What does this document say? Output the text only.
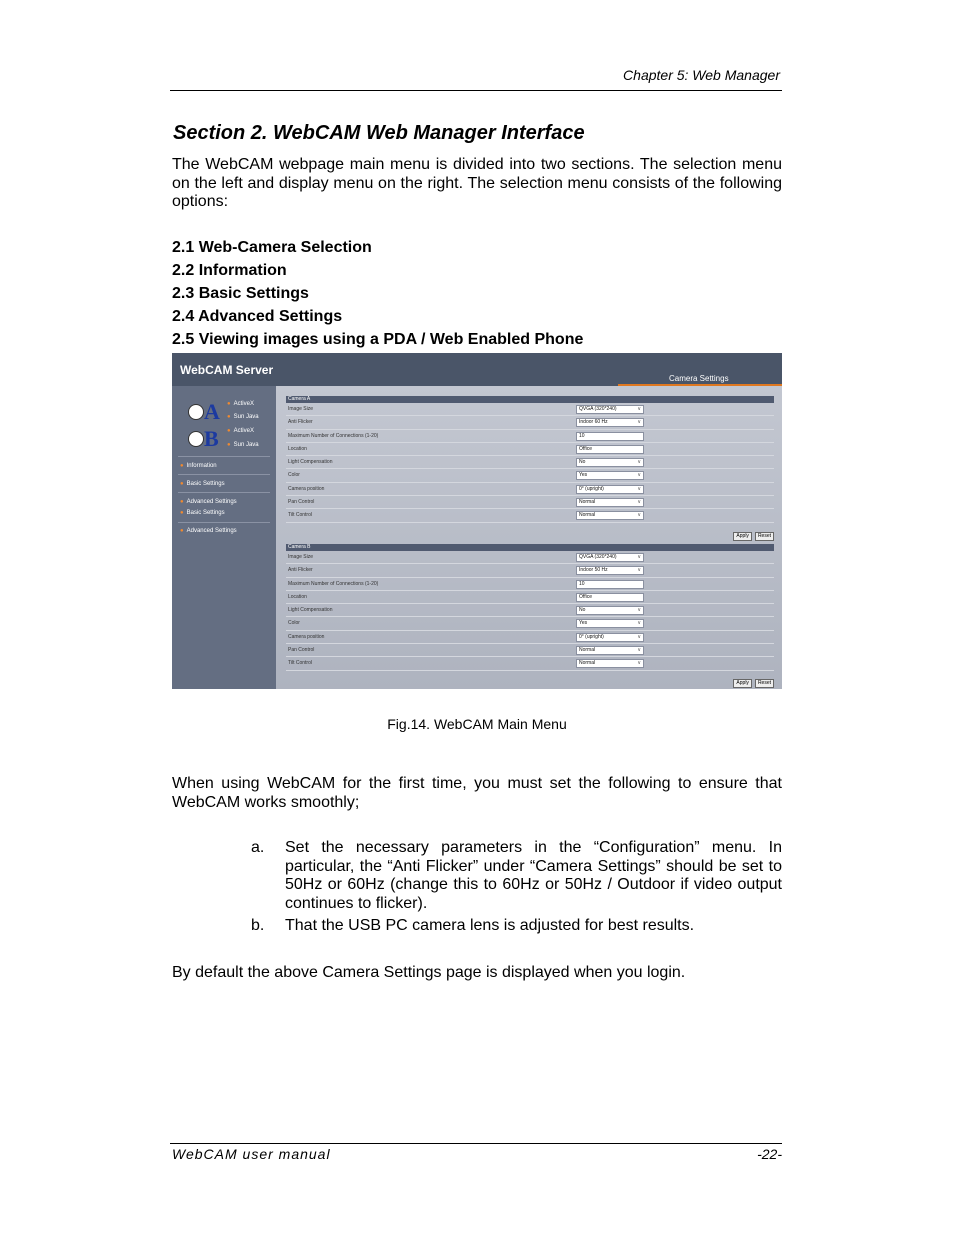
Chapter 5: Web Manager
Section 2. WebCAM Web Manager Interface
The WebCAM webpage main menu is divided into two sections. The selection menu on the left and display menu on the right. The selection menu consists of the following options:
2.1 Web-Camera Selection
2.2 Information
2.3 Basic Settings
2.4 Advanced Settings
2.5 Viewing images using a PDA / Web Enabled Phone
WebCAM Server
Camera Settings
A ● ActiveX
● Sun Java
B ● ActiveX
● Sun Java
● Information
● Basic Settings
● Advanced Settings
● Basic Settings
● Advanced Settings
Camera A
Image Size	QVGA (320*240) ∨
Anti Flicker	Indoor 60 Hz ∨
Maximum Number of Connections (1-20)	10
Location	Office
Light Compensation	No ∨
Color	Yes ∨
Camera position	0° (upright) ∨
Pan Control	Normal ∨
Tilt Control	Normal ∨
Apply Reset
Camera B
Image Size	QVGA (320*240) ∨
Anti Flicker	Indoor 50 Hz ∨
Maximum Number of Connections (1-20)	10
Location	Office
Light Compensation	No ∨
Color	Yes ∨
Camera position	0° (upright) ∨
Pan Control	Normal ∨
Tilt Control	Normal ∨
Apply Reset
Fig.14. WebCAM Main Menu
When using WebCAM for the first time, you must set the following to ensure that WebCAM works smoothly;
a. Set the necessary parameters in the “Configuration” menu. In particular, the “Anti Flicker” under “Camera Settings” should be set to 50Hz or 60Hz (change this to 60Hz or 50Hz / Outdoor if video output continues to flicker).
b. That the USB PC camera lens is adjusted for best results.
By default the above Camera Settings page is displayed when you login.
WebCAM user manual	-22-
